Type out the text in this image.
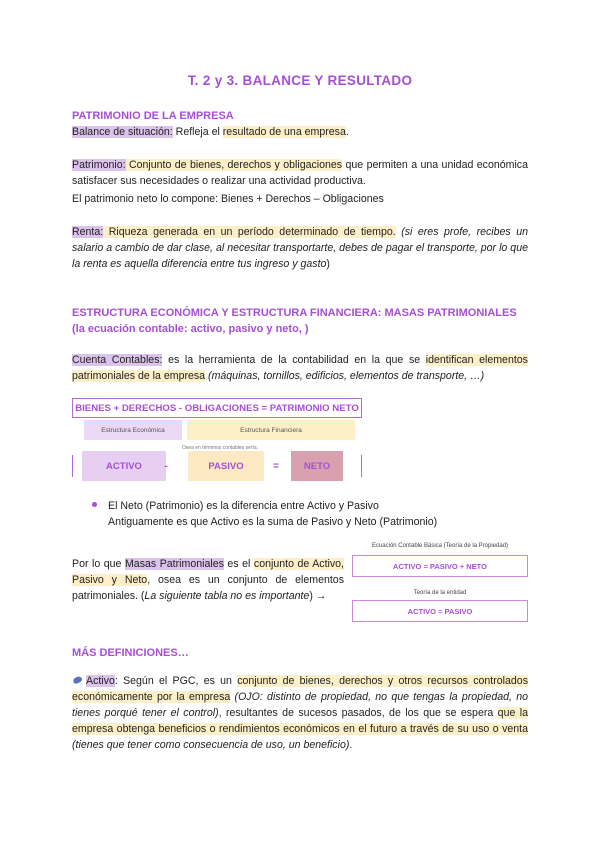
T. 2 y 3. BALANCE Y RESULTADO
PATRIMONIO DE LA EMPRESA
Balance de situación: Refleja el resultado de una empresa.
Patrimonio: Conjunto de bienes, derechos y obligaciones que permiten a una unidad económica satisfacer sus necesidades o realizar una actividad productiva.
El patrimonio neto lo compone: Bienes + Derechos – Obligaciones
Renta: Riqueza generada en un período determinado de tiempo. (si eres profe, recibes un salario a cambio de dar clase, al necesitar transportarte, debes de pagar el transporte, por lo que la renta es aquella diferencia entre tus ingreso y gasto)
ESTRUCTURA ECONÓMICA Y ESTRUCTURA FINANCIERA: MASAS PATRIMONIALES
(la ecuación contable: activo, pasivo y neto, )
Cuenta Contables: es la herramienta de la contabilidad en la que se identifican elementos patrimoniales de la empresa (máquinas, tornillos, edificios, elementos de transporte, …)
BIENES + DERECHOS - OBLIGACIONES = PATRIMONIO NETO
Estructura Económica	Estructura Financiera
Osea en términos contables sería.
ACTIVO	-	PASIVO	=	NETO
El Neto (Patrimonio) es la diferencia entre Activo y Pasivo
Antiguamente es que Activo es la suma de Pasivo y Neto (Patrimonio)
Por lo que Masas Patrimoniales es el conjunto de Activo, Pasivo y Neto, osea es un conjunto de elementos patrimoniales. (La siguiente tabla no es importante) →
Ecuación Contable Básica (Teoría de la Propiedad)
ACTIVO = PASIVO + NETO
Teoría de la entidad
ACTIVO = PASIVO
MÁS DEFINICIONES…
Activo: Según el PGC, es un conjunto de bienes, derechos y otros recursos controlados económicamente por la empresa (OJO: distinto de propiedad, no que tengas la propiedad, no tienes porqué tener el control), resultantes de sucesos pasados, de los que se espera que la empresa obtenga beneficios o rendimientos económicos en el futuro a través de su uso o venta (tienes que tener como consecuencia de uso, un beneficio).
